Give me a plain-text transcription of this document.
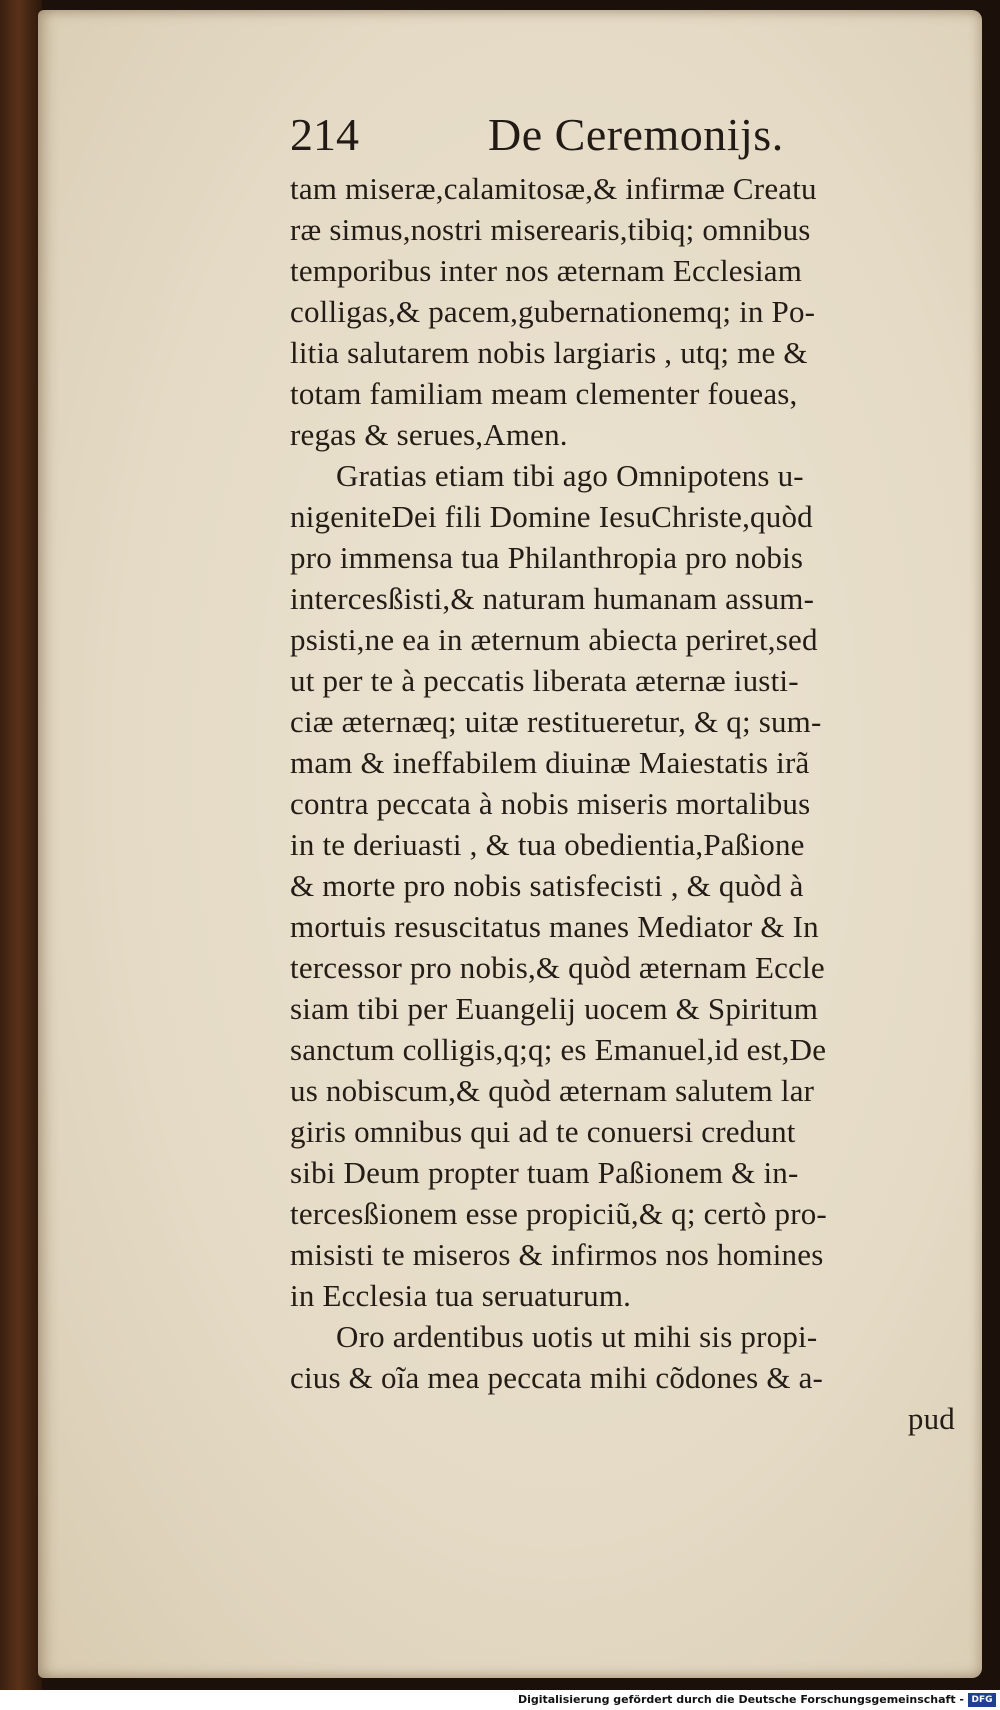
214	De Ceremonijs.
tam miseræ,calamitosæ,& infirmæ Creatu
ræ simus,nostri miserearis,tibiq; omnibus
temporibus inter nos æternam Ecclesiam
colligas,& pacem,gubernationemq; in Po-
litia salutarem nobis largiaris , utq; me &
totam familiam meam clementer foueas,
regas & serues,Amen.
Gratias etiam tibi ago Omnipotens u-
nigeniteDei fili Domine IesuChriste,quòd
pro immensa tua Philanthropia pro nobis
intercesßisti,& naturam humanam assum-
psisti,ne ea in æternum abiecta periret,sed
ut per te à peccatis liberata æternæ iusti-
ciæ æternæq; uitæ restitueretur, & q; sum-
mam & ineffabilem diuinæ Maiestatis irã
contra peccata à nobis miseris mortalibus
in te deriuasti , & tua obedientia,Paßione
& morte pro nobis satisfecisti , & quòd à
mortuis resuscitatus manes Mediator & In
tercessor pro nobis,& quòd æternam Eccle
siam tibi per Euangelij uocem & Spiritum
sanctum colligis,q;q; es Emanuel,id est,De
us nobiscum,& quòd æternam salutem lar
giris omnibus qui ad te conuersi credunt
sibi Deum propter tuam Paßionem & in-
tercesßionem esse propiciũ,& q; certò pro-
misisti te miseros & infirmos nos homines
in Ecclesia tua seruaturum.
Oro ardentibus uotis ut mihi sis propi-
cius & oĩa mea peccata mihi cõdones & a-
pud
Digitalisierung gefördert durch die Deutsche Forschungsgemeinschaft - DFG
